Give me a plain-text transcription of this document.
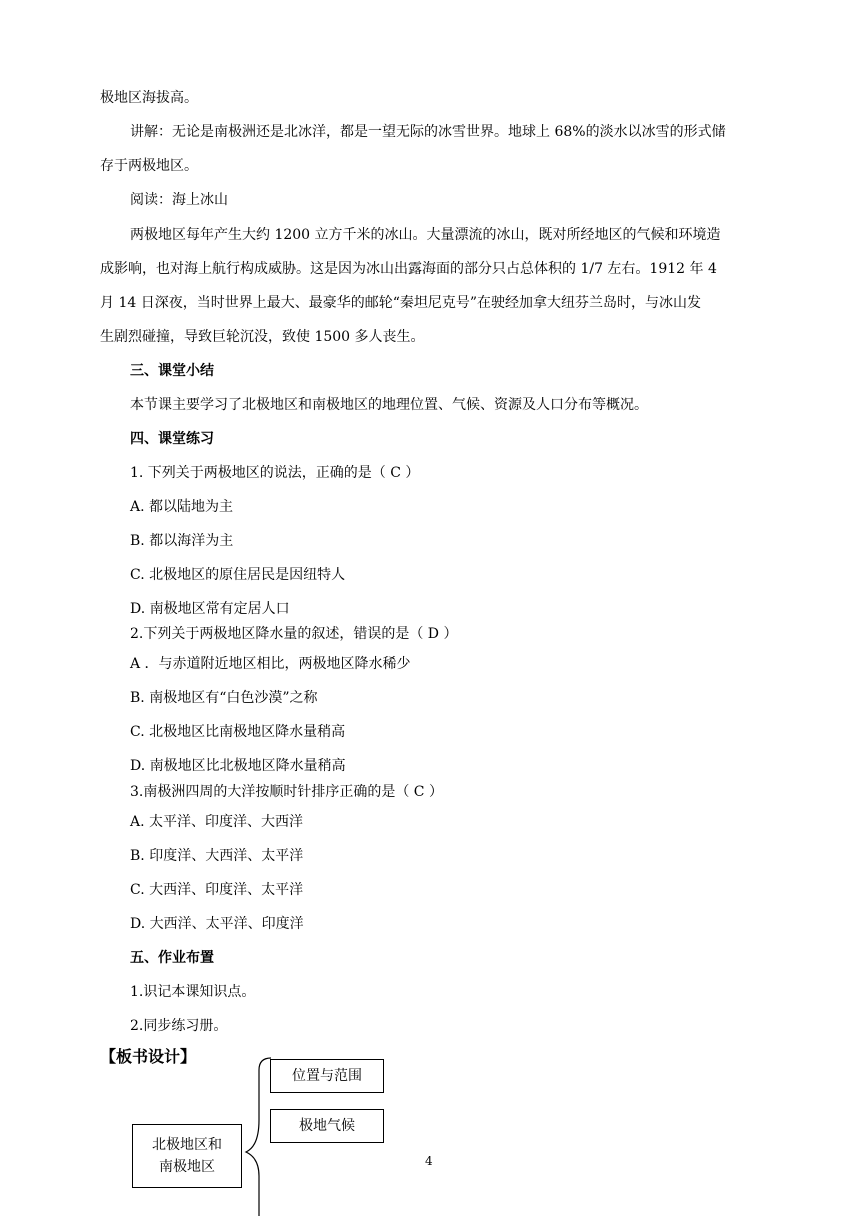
极地区海拔高。
讲解：无论是南极洲还是北冰洋，都是一望无际的冰雪世界。地球上 68%的淡水以冰雪的形式储
存于两极地区。
阅读：海上冰山
两极地区每年产生大约 1200 立方千米的冰山。大量漂流的冰山，既对所经地区的气候和环境造
成影响，也对海上航行构成威胁。这是因为冰山出露海面的部分只占总体积的 1/7 左右。1912 年 4
月 14 日深夜，当时世界上最大、最豪华的邮轮“秦坦尼克号”在驶经加拿大纽芬兰岛时，与冰山发
生剧烈碰撞，导致巨轮沉没，致使 1500 多人丧生。
三、课堂小结
本节课主要学习了北极地区和南极地区的地理位置、气候、资源及人口分布等概况。
四、课堂练习
1. 下列关于两极地区的说法，正确的是（ C ）
A. 都以陆地为主
B. 都以海洋为主
C. 北极地区的原住居民是因纽特人
D. 南极地区常有定居人口
2.下列关于两极地区降水量的叙述，错误的是（ D ）
A ．与赤道附近地区相比，两极地区降水稀少
B. 南极地区有“白色沙漠”之称
C. 北极地区比南极地区降水量稍高
D. 南极地区比北极地区降水量稍高
3.南极洲四周的大洋按顺时针排序正确的是（ C ）
A. 太平洋、印度洋、大西洋
B. 印度洋、大西洋、太平洋
C. 大西洋、印度洋、太平洋
D. 大西洋、太平洋、印度洋
五、作业布置
1.识记本课知识点。
2.同步练习册。
【板书设计】
北极地区和
南极地区
位置与范围
极地气候
4
